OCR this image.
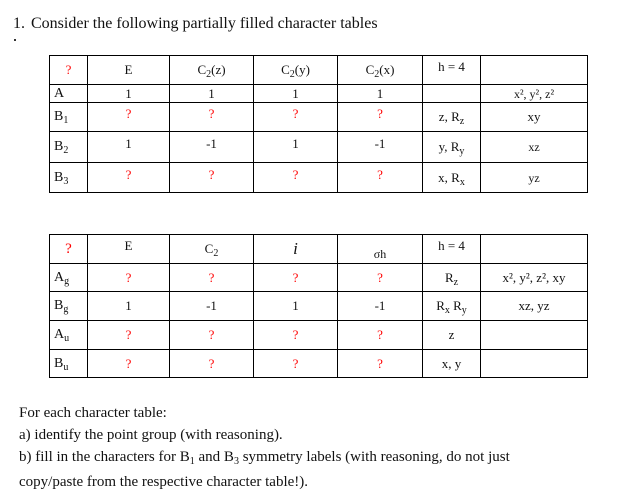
1. Consider the following partially filled character tables
?	E	$C_2(z)$	$C_2(y)$	$C_2(x)$	h = 4	
A	1	1	1	1		x², y², z²
$B_1$	?	?	?	?	z, $R_z$	xy
$B_2$	1	-1	1	-1	y, $R_y$	xz
$B_3$	?	?	?	?	x, $R_x$	yz
?	E	$C_2$	i	σh	h = 4	
$A_g$	?	?	?	?	$R_z$	x², y², z², xy
$B_g$	1	-1	1	-1	$R_x$ $R_y$	xz, yz
$A_u$	?	?	?	?	z	
$B_u$	?	?	?	?	x, y	
For each character table:
a) identify the point group (with reasoning).
b) fill in the characters for $B_1$ and $B_3$ symmetry labels (with reasoning, do not just
copy/paste from the respective character table!).
